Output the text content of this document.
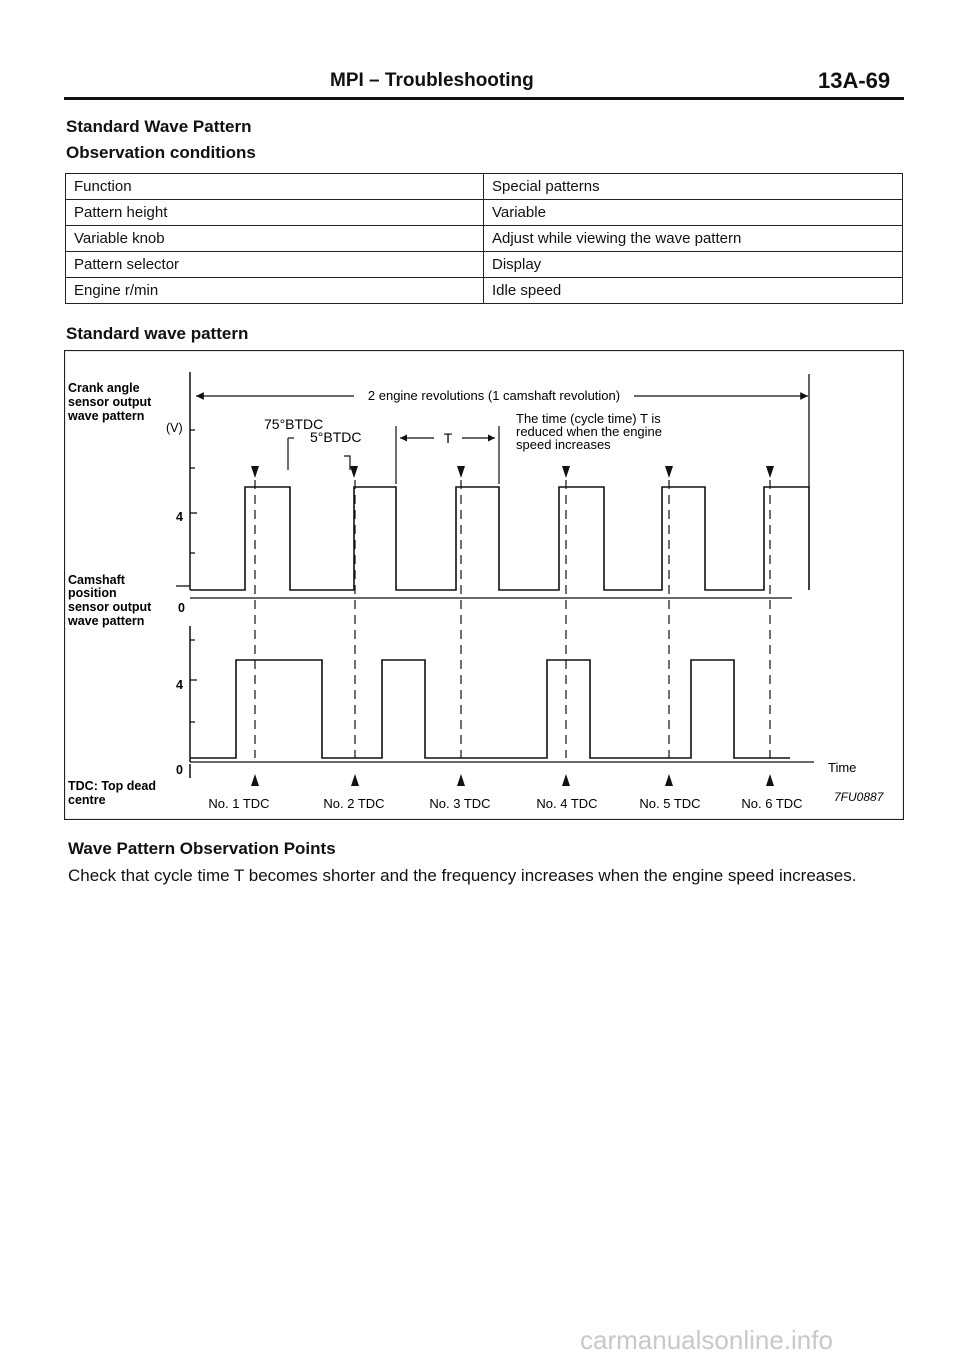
MPI – Troubleshooting	13A-69
Standard Wave Pattern
Observation conditions
Function	Special patterns
Pattern height	Variable
Variable knob	Adjust while viewing the wave pattern
Pattern selector	Display
Engine r/min	Idle speed
Standard wave pattern
Crank angle
sensor output
wave pattern
(V)
4
Camshaft
position
sensor output
wave pattern
0
4
0
TDC: Top dead
centre
2 engine revolutions (1 camshaft revolution)
75°BTDC
5°BTDC	T
The time (cycle time) T is
reduced when the engine
speed increases
No. 1 TDC	No. 2 TDC	No. 3 TDC	No. 4 TDC	No. 5 TDC	No. 6 TDC
Time
7FU0887
Wave Pattern Observation Points
Check that cycle time T becomes shorter and the frequency increases when the engine speed increases.
carmanualsonline.info
